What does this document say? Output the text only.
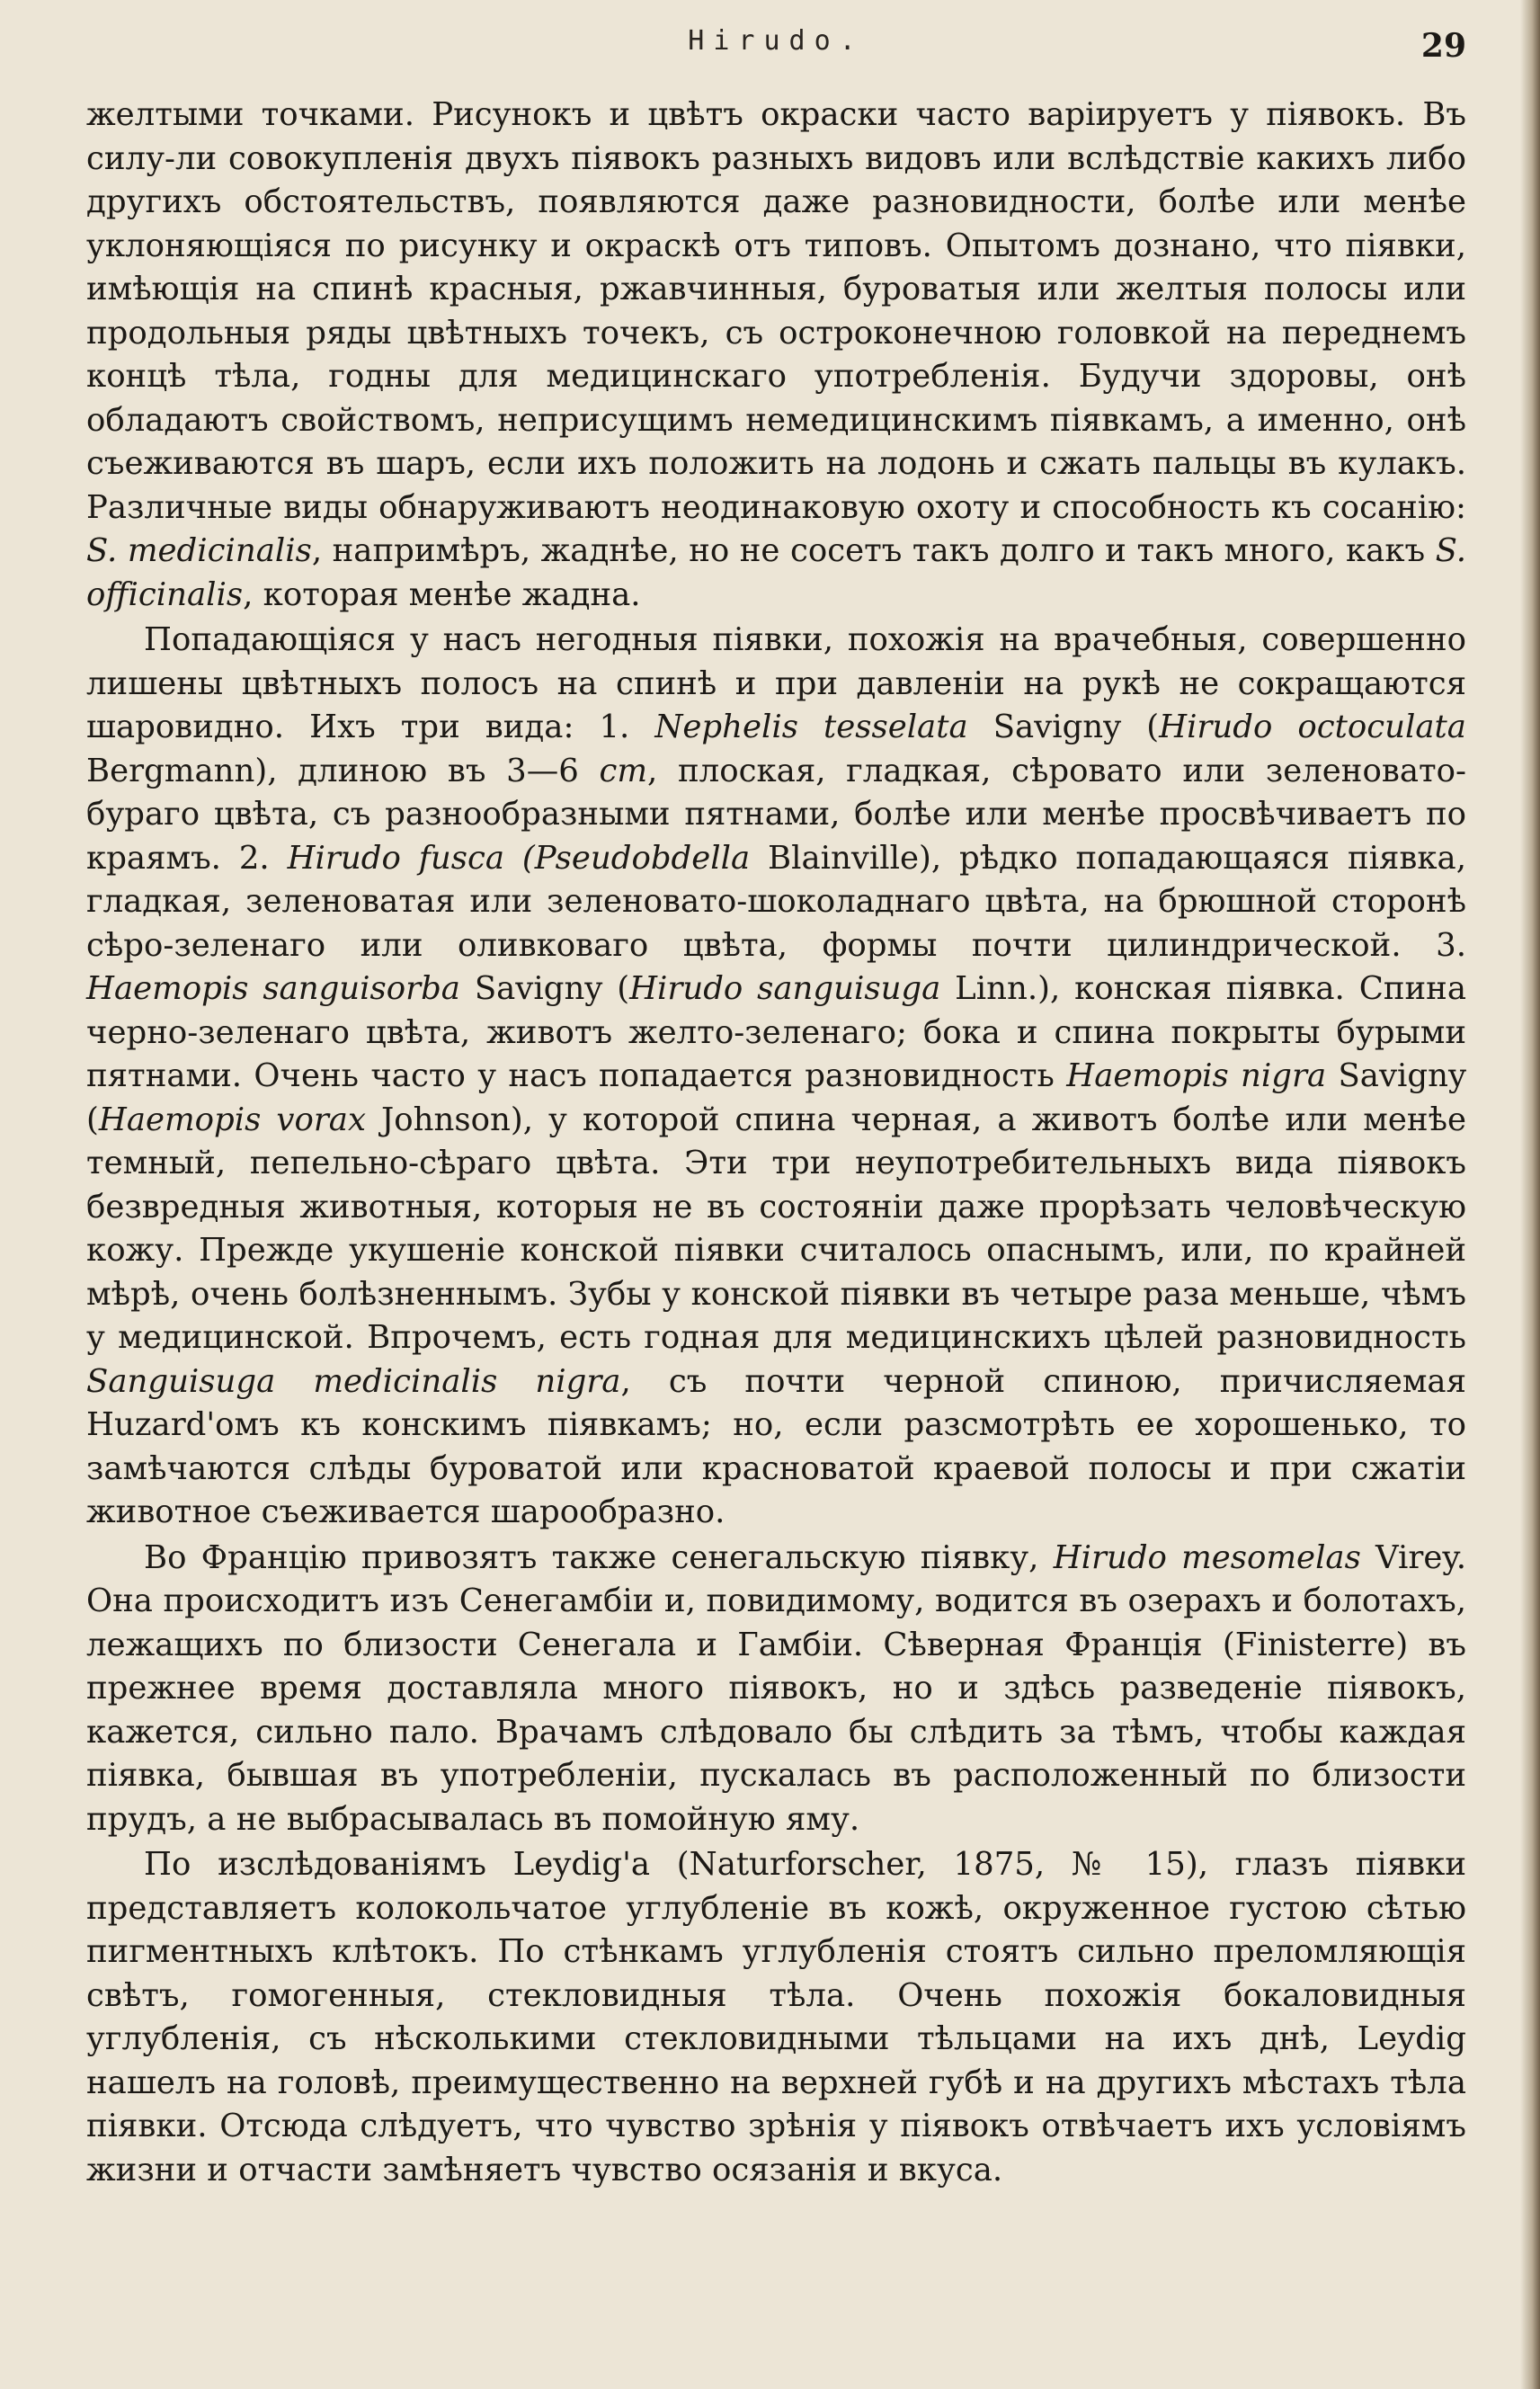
Hirudo.	29

желтыми точками. Рисунокъ и цвѣтъ окраски часто варіируетъ у піявокъ. Въ силу-ли совокупленія двухъ піявокъ разныхъ видовъ или вслѣдствіе какихъ либо другихъ обстоятельствъ, появляются даже разновидности, болѣе или менѣе уклоняющіяся по рисунку и окраскѣ отъ типовъ. Опытомъ дознано, что піявки, имѣющія на спинѣ красныя, ржавчинныя, буроватыя или желтыя полосы или продольныя ряды цвѣтныхъ точекъ, съ остроконечною головкой на переднемъ концѣ тѣла, годны для медицинскаго употребленія. Будучи здоровы, онѣ обладаютъ свойствомъ, неприсущимъ немедицинскимъ піявкамъ, а именно, онѣ съеживаются въ шаръ, если ихъ положить на лодонь и сжать пальцы въ кулакъ. Различные виды обнаруживаютъ неодинаковую охоту и способность къ сосанію: S. medicinalis, напримѣръ, жаднѣе, но не сосетъ такъ долго и такъ много, какъ S. officinalis, которая менѣе жадна.

Попадающіяся у насъ негодныя піявки, похожія на врачебныя, совершенно лишены цвѣтныхъ полосъ на спинѣ и при давленіи на рукѣ не сокращаются шаровидно. Ихъ три вида: 1. Nephelis tesselata Savigny (Hirudo octoculata Bergmann), длиною въ 3—6 cm, плоская, гладкая, сѣровато или зеленовато-бураго цвѣта, съ разнообразными пятнами, болѣе или менѣе просвѣчиваетъ по краямъ. 2. Hirudo fusca (Pseudobdella Blainville), рѣдко попадающаяся піявка, гладкая, зеленоватая или зеленовато-шоколаднаго цвѣта, на брюшной сторонѣ сѣро-зеленаго или оливковаго цвѣта, формы почти цилиндрической. 3. Haemopis sanguisorba Savigny (Hirudo sanguisuga Linn.), конская піявка. Спина черно-зеленаго цвѣта, животъ желто-зеленаго; бока и спина покрыты бурыми пятнами. Очень часто у насъ попадается разновидность Haemopis nigra Savigny (Haemopis vorax Johnson), у которой спина черная, а животъ болѣе или менѣе темный, пепельно-сѣраго цвѣта. Эти три неупотребительныхъ вида піявокъ безвредныя животныя, которыя не въ состояніи даже прорѣзать человѣческую кожу. Прежде укушеніе конской піявки считалось опаснымъ, или, по крайней мѣрѣ, очень болѣзненнымъ. Зубы у конской піявки въ четыре раза меньше, чѣмъ у медицинской. Впрочемъ, есть годная для медицинскихъ цѣлей разновидность Sanguisuga medicinalis nigra, съ почти черной спиною, причисляемая Huzard'омъ къ конскимъ піявкамъ; но, если разсмотрѣть ее хорошенько, то замѣчаются слѣды буроватой или красноватой краевой полосы и при сжатіи животное съеживается шарообразно.

Во Францію привозятъ также сенегальскую піявку, Hirudo mesomelas Virey. Она происходитъ изъ Сенегамбіи и, повидимому, водится въ озерахъ и болотахъ, лежащихъ по близости Сенегала и Гамбіи. Сѣверная Франція (Finisterre) въ прежнее время доставляла много піявокъ, но и здѣсь разведеніе піявокъ, кажется, сильно пало. Врачамъ слѣдовало бы слѣдить за тѣмъ, чтобы каждая піявка, бывшая въ употребленіи, пускалась въ расположенный по близости прудъ, а не выбрасывалась въ помойную яму.

По изслѣдованіямъ Leydig'а (Naturforscher, 1875, № 15), глазъ піявки представляетъ колокольчатое углубленіе въ кожѣ, окруженное густою сѣтью пигментныхъ клѣтокъ. По стѣнкамъ углубленія стоятъ сильно преломляющія свѣтъ, гомогенныя, стекловидныя тѣла. Очень похожія бокаловидныя углубленія, съ нѣсколькими стекловидными тѣльцами на ихъ днѣ, Leydig нашелъ на головѣ, преимущественно на верхней губѣ и на другихъ мѣстахъ тѣла піявки. Отсюда слѣдуетъ, что чувство зрѣнія у піявокъ отвѣчаетъ ихъ условіямъ жизни и отчасти замѣняетъ чувство осязанія и вкуса.
